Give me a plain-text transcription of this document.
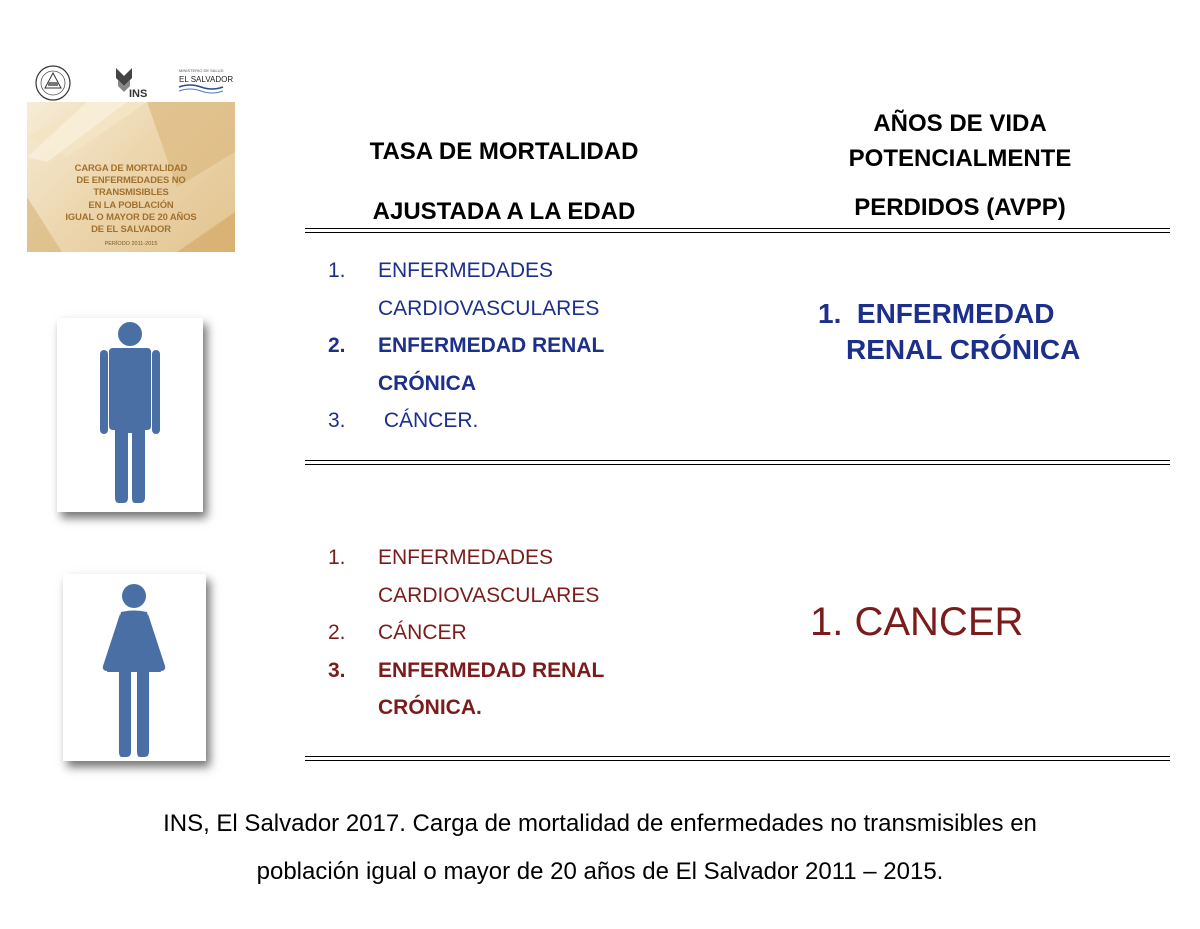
INS
MINISTERIO DE SALUD
EL SALVADOR
CARGA DE MORTALIDAD
DE ENFERMEDADES NO TRANSMISIBLES
EN LA POBLACIÓN
IGUAL O MAYOR DE 20 AÑOS
DE EL SALVADOR
PERÍODO 2011-2015
TASA DE MORTALIDAD
AJUSTADA A LA EDAD
AÑOS DE VIDA
POTENCIALMENTE
PERDIDOS (AVPP)
1. ENFERMEDADES
CARDIOVASCULARES
2. ENFERMEDAD RENAL
CRÓNICA
3. CÁNCER.
1.  ENFERMEDAD
RENAL CRÓNICA
1. ENFERMEDADES
CARDIOVASCULARES
2. CÁNCER
3. ENFERMEDAD RENAL
CRÓNICA.
1. CANCER
INS, El Salvador 2017. Carga de mortalidad de enfermedades no transmisibles en
población igual o mayor de 20 años de El Salvador 2011 – 2015.
